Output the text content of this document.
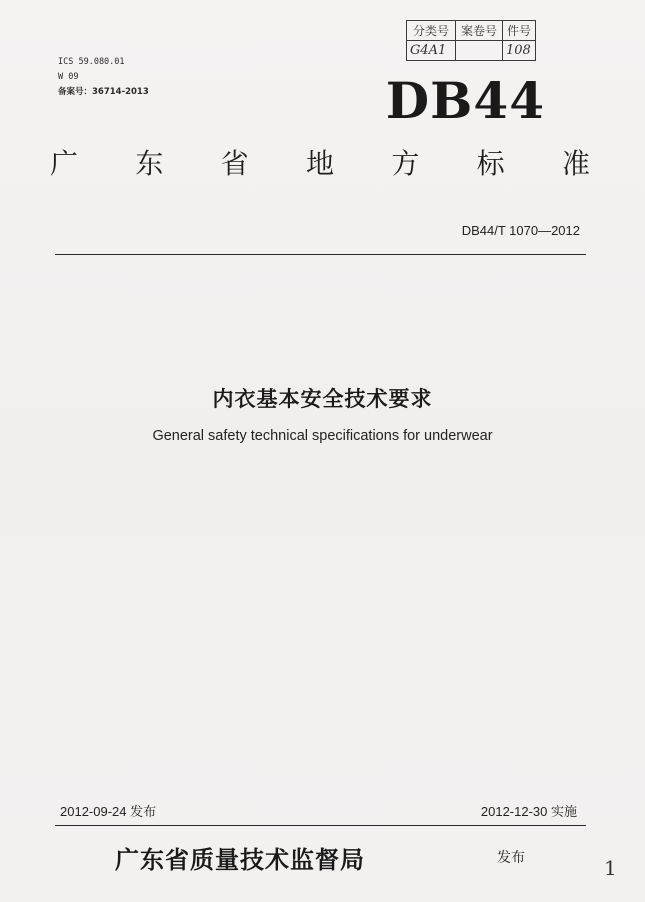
分类号	案卷号	件号
G4A1		108
ICS 59.080.01
W 09
备案号：36714-2013	DB44
广 东 省 地 方 标 准
DB44/T 1070—2012
内衣基本安全技术要求
General safety technical specifications for underwear
2012-09-24 发布	2012-12-30 实施
广东省质量技术监督局	发布	1
